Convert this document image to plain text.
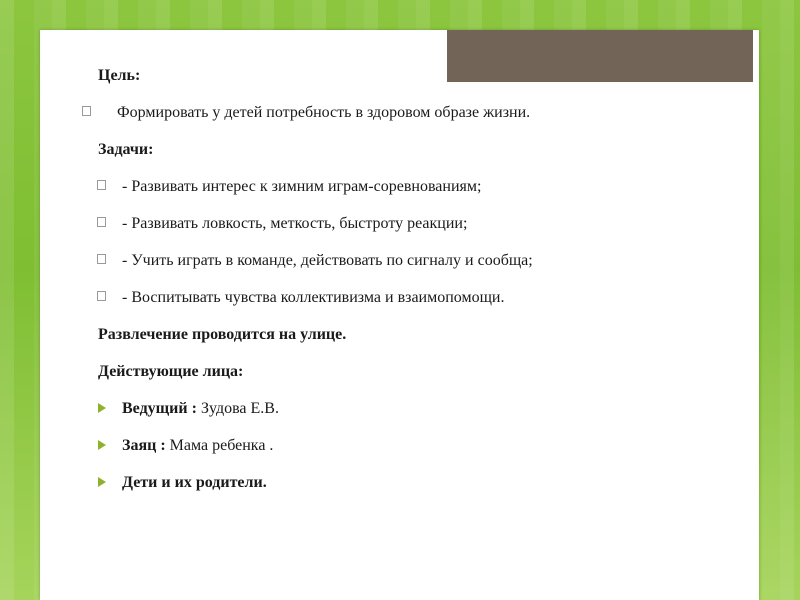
Цель:
Формировать у детей потребность в здоровом образе жизни.
Задачи:
- Развивать интерес к зимним играм-соревнованиям;
- Развивать ловкость, меткость, быстроту реакции;
- Учить играть в команде, действовать по сигналу и сообща;
- Воспитывать чувства коллективизма и взаимопомощи.
Развлечение проводится на улице.
Действующие лица:
Ведущий : Зудова Е.В.
Заяц : Мама ребенка .
Дети и их родители.
